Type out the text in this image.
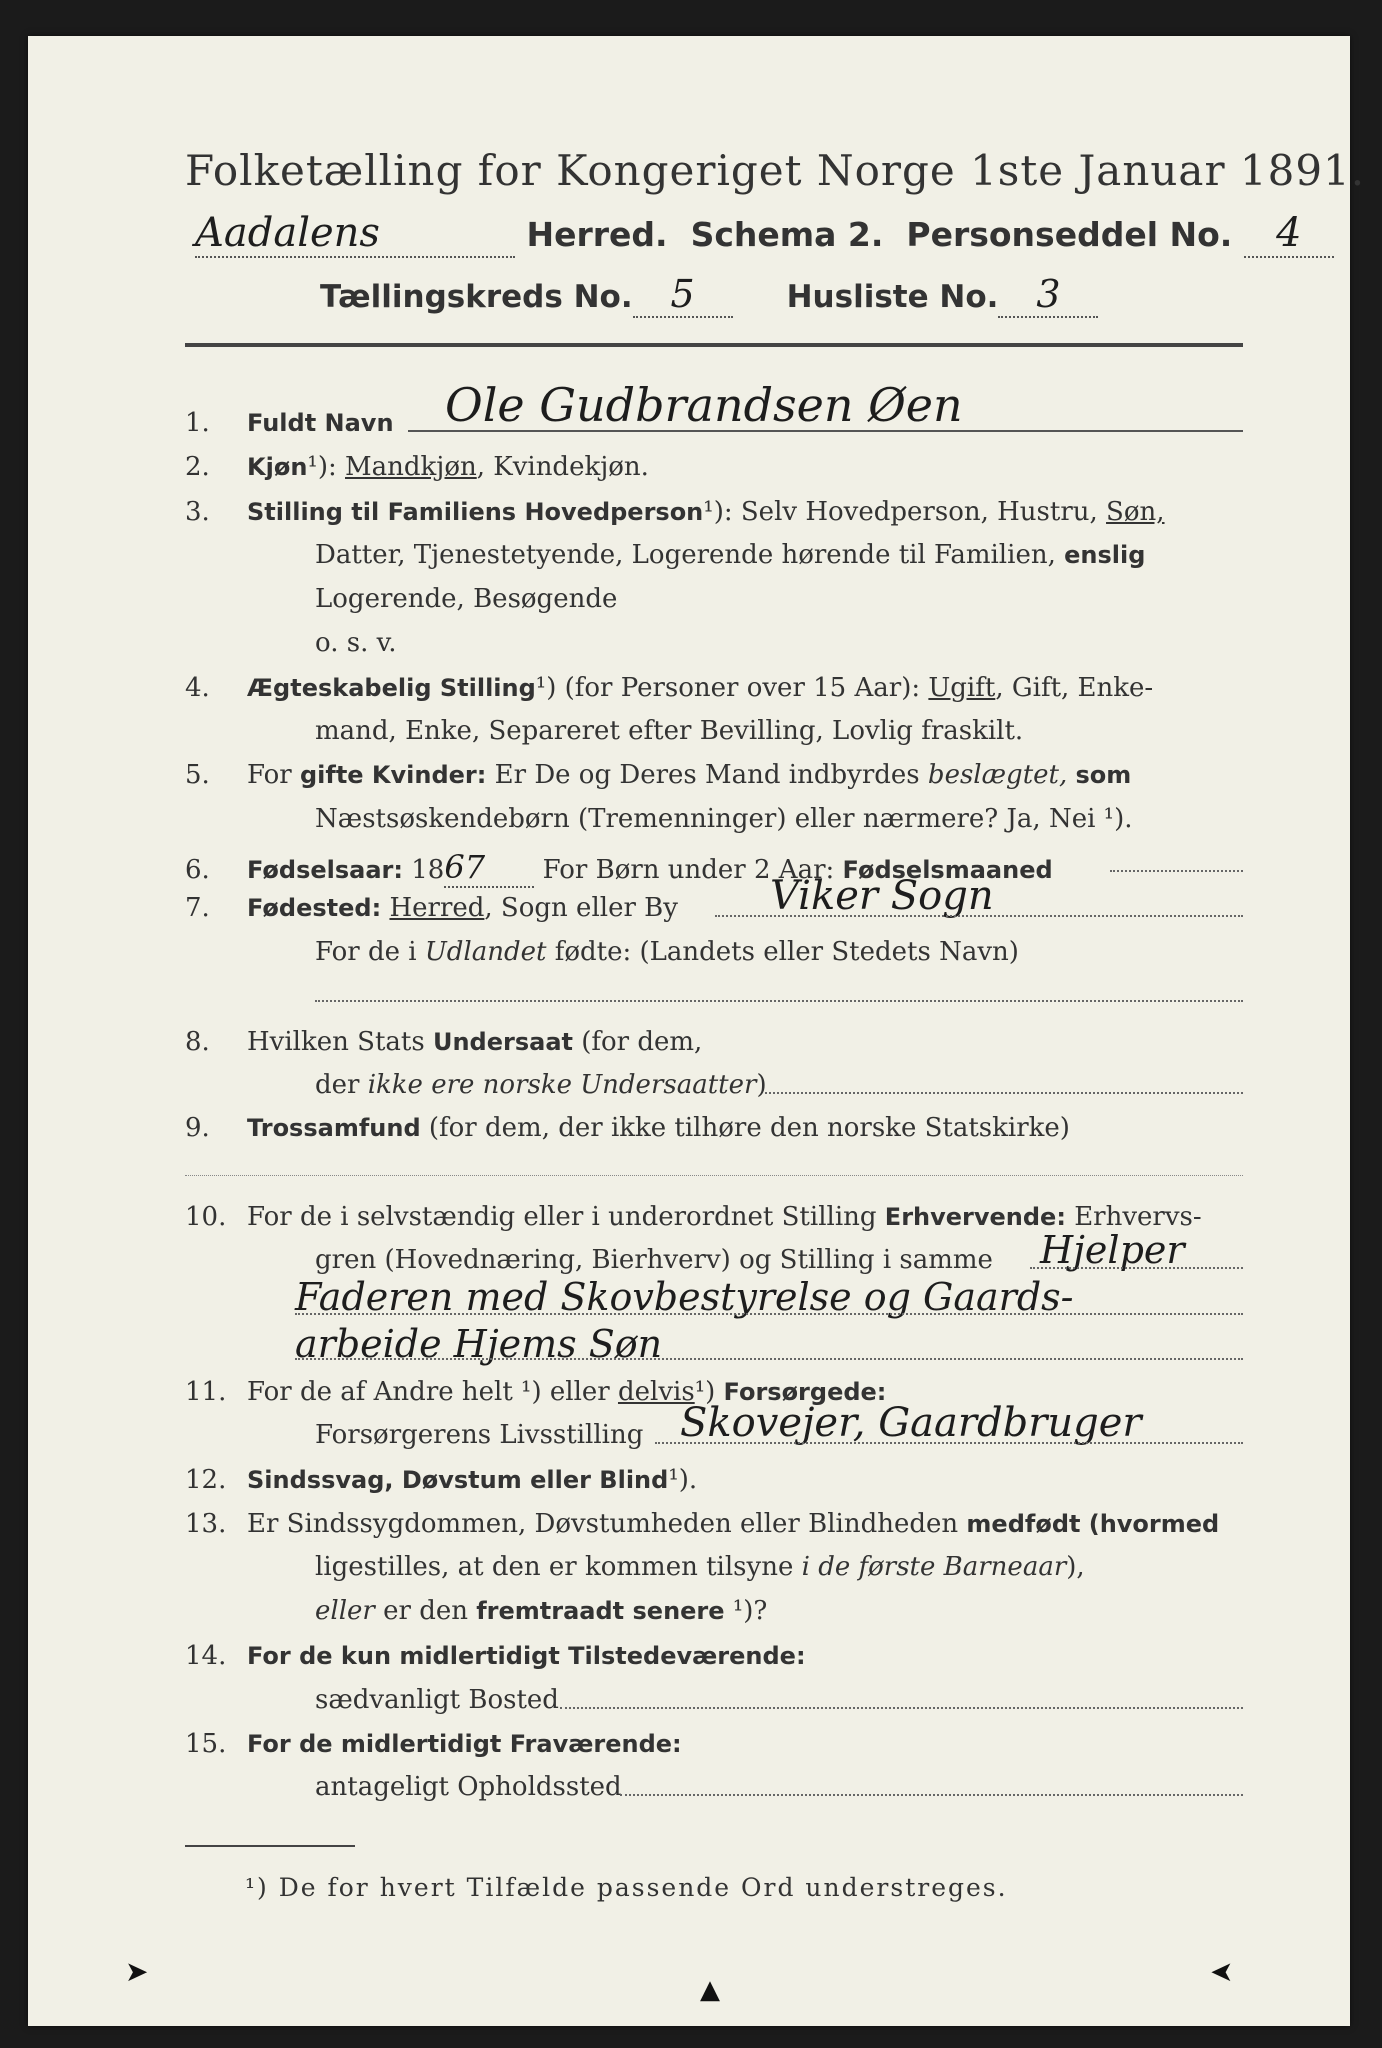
Folketælling for Kongeriget Norge 1ste Januar 1891.
Aadalens	Herred. Schema 2. Personseddel No. 4
Tællingskreds No. 5	Husliste No. 3
1. Fuldt Navn Ole Gudbrandsen Øen
2. Kjøn¹): Mandkjøn, Kvindekjøn.
3. Stilling til Familiens Hovedperson¹): Selv Hovedperson, Hustru, Søn,
Datter, Tjenestetyende, Logerende hørende til Familien, enslig
Logerende, Besøgende
o. s. v.
4. Ægteskabelig Stilling¹) (for Personer over 15 Aar): Ugift, Gift, Enke-
mand, Enke, Separeret efter Bevilling, Lovlig fraskilt.
5. For gifte Kvinder: Er De og Deres Mand indbyrdes beslægtet, som
Næstsøskendebørn (Tremenninger) eller nærmere? Ja, Nei ¹).
6. Fødselsaar: 1867 For Børn under 2 Aar: Fødselsmaaned
7. Fødested: Herred, Sogn eller By Viker Sogn
For de i Udlandet fødte: (Landets eller Stedets Navn)
8. Hvilken Stats Undersaat (for dem,
der ikke ere norske Undersaatter)
9. Trossamfund (for dem, der ikke tilhøre den norske Statskirke)
10. For de i selvstændig eller i underordnet Stilling Erhvervende: Erhvervs-
gren (Hovednæring, Bierhverv) og Stilling i samme Hjelper
Faderen med Skovbestyrelse og Gaards-
arbeide Hjems Søn
11. For de af Andre helt ¹) eller delvis¹) Forsørgede:
Forsørgerens Livsstilling Skovejer, Gaardbruger
12. Sindssvag, Døvstum eller Blind¹).
13. Er Sindssygdommen, Døvstumheden eller Blindheden medfødt (hvormed
ligestilles, at den er kommen tilsyne i de første Barneaar),
eller er den fremtraadt senere ¹)?
14. For de kun midlertidigt Tilstedeværende:
sædvanligt Bosted
15. For de midlertidigt Fraværende:
antageligt Opholdssted
¹) De for hvert Tilfælde passende Ord understreges.
➤
▲
➤
